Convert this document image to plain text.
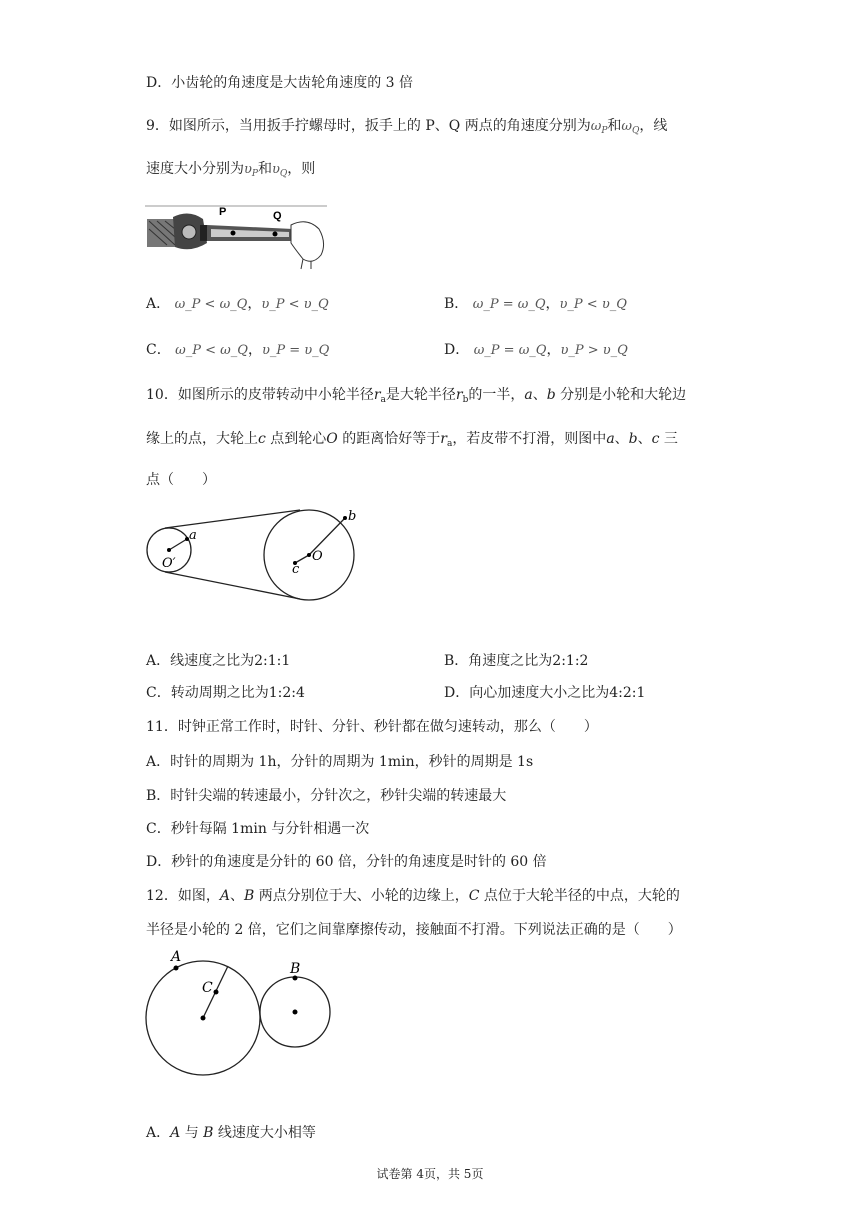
D．小齿轮的角速度是大齿轮角速度的 3 倍
9．如图所示，当用扳手拧螺母时，扳手上的 P、Q 两点的角速度分别为$\omega_P$和$\omega_Q$，线
速度大小分别为$\upsilon_P$和$\upsilon_Q$，则
P	Q
A． ω_P < ω_Q，υ_P < υ_Q	B． ω_P = ω_Q，υ_P < υ_Q
C． ω_P < ω_Q，υ_P = υ_Q	D． ω_P = ω_Q，υ_P > υ_Q
10．如图所示的皮带转动中小轮半径$r_a$是大轮半径$r_b$的一半，a、b 分别是小轮和大轮边
缘上的点，大轮上c 点到轮心O 的距离恰好等于$r_a$，若皮带不打滑，则图中a、b、c 三
点（　　）
a
O′
b
O
c
A．线速度之比为2:1:1	B．角速度之比为2:1:2
C．转动周期之比为1:2:4	D．向心加速度大小之比为4:2:1
11．时钟正常工作时，时针、分针、秒针都在做匀速转动，那么（　　）
A．时针的周期为 1h，分针的周期为 1min，秒针的周期是 1s
B．时针尖端的转速最小，分针次之，秒针尖端的转速最大
C．秒针每隔 1min 与分针相遇一次
D．秒针的角速度是分针的 60 倍，分针的角速度是时针的 60 倍
12．如图，A、B 两点分别位于大、小轮的边缘上，C 点位于大轮半径的中点，大轮的
半径是小轮的 2 倍，它们之间靠摩擦传动，接触面不打滑。下列说法正确的是（　　）
A
C
B
A．A 与 B 线速度大小相等
试卷第 4页，共 5页
